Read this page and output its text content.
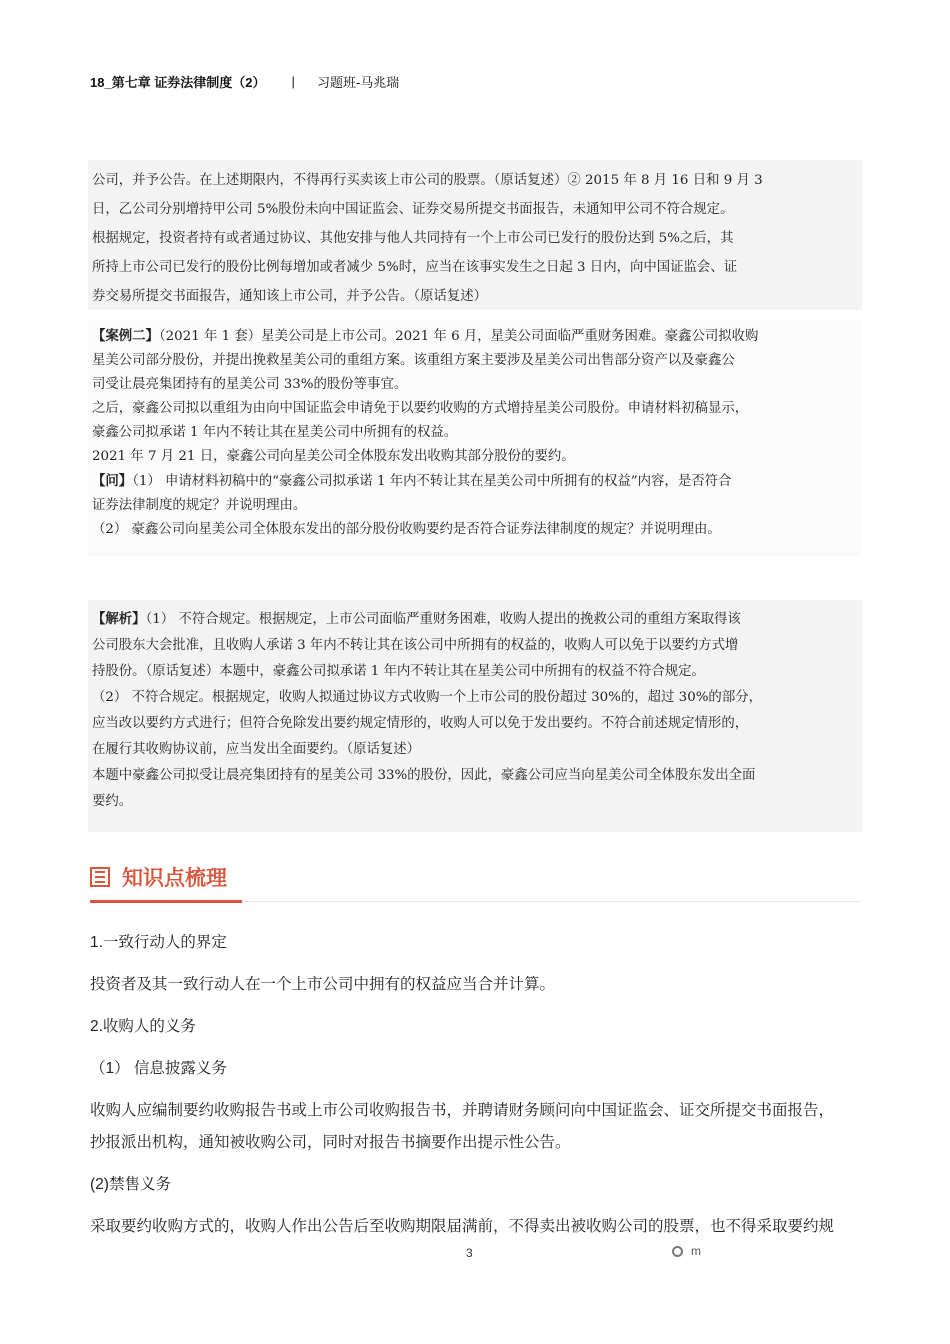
18_第七章 证券法律制度（2） | 习题班-马兆瑞

公司，并予公告。在上述期限内，不得再行买卖该上市公司的股票。（原话复述）② 2015 年 8 月 16 日和 9 月 3

日，乙公司分别增持甲公司 5%股份未向中国证监会、证券交易所提交书面报告，未通知甲公司不符合规定。

根据规定，投资者持有或者通过协议、其他安排与他人共同持有一个上市公司已发行的股份达到 5%之后，其

所持上市公司已发行的股份比例每增加或者减少 5%时，应当在该事实发生之日起 3 日内，向中国证监会、证

券交易所提交书面报告，通知该上市公司，并予公告。（原话复述）

【案例二】（2021 年 1 套）星美公司是上市公司。2021 年 6 月，星美公司面临严重财务困难。豪鑫公司拟收购

星美公司部分股份，并提出挽救星美公司的重组方案。该重组方案主要涉及星美公司出售部分资产以及豪鑫公

司受让晨亮集团持有的星美公司 33%的股份等事宜。

之后，豪鑫公司拟以重组为由向中国证监会申请免于以要约收购的方式增持星美公司股份。申请材料初稿显示，

豪鑫公司拟承诺 1 年内不转让其在星美公司中所拥有的权益。

2021 年 7 月 21 日，豪鑫公司向星美公司全体股东发出收购其部分股份的要约。

【问】（1） 申请材料初稿中的“豪鑫公司拟承诺 1 年内不转让其在星美公司中所拥有的权益”内容，是否符合

证券法律制度的规定？并说明理由。

（2） 豪鑫公司向星美公司全体股东发出的部分股份收购要约是否符合证券法律制度的规定？并说明理由。

【解析】（1） 不符合规定。根据规定，上市公司面临严重财务困难，收购人提出的挽救公司的重组方案取得该

公司股东大会批准，且收购人承诺 3 年内不转让其在该公司中所拥有的权益的，收购人可以免于以要约方式增

持股份。（原话复述）本题中，豪鑫公司拟承诺 1 年内不转让其在星美公司中所拥有的权益不符合规定。

（2） 不符合规定。根据规定，收购人拟通过协议方式收购一个上市公司的股份超过 30%的，超过 30%的部分，

应当改以要约方式进行；但符合免除发出要约规定情形的，收购人可以免于发出要约。不符合前述规定情形的，

在履行其收购协议前，应当发出全面要约。（原话复述）

本题中豪鑫公司拟受让晨亮集团持有的星美公司 33%的股份，因此，豪鑫公司应当向星美公司全体股东发出全面

要约。

知识点梳理

1.一致行动人的界定

投资者及其一致行动人在一个上市公司中拥有的权益应当合并计算。

2.收购人的义务

（1） 信息披露义务

收购人应编制要约收购报告书或上市公司收购报告书，并聘请财务顾问向中国证监会、证交所提交书面报告，

抄报派出机构，通知被收购公司，同时对报告书摘要作出提示性公告。

(2)禁售义务

采取要约收购方式的，收购人作出公告后至收购期限届满前，不得卖出被收购公司的股票，也不得采取要约规

3	m
